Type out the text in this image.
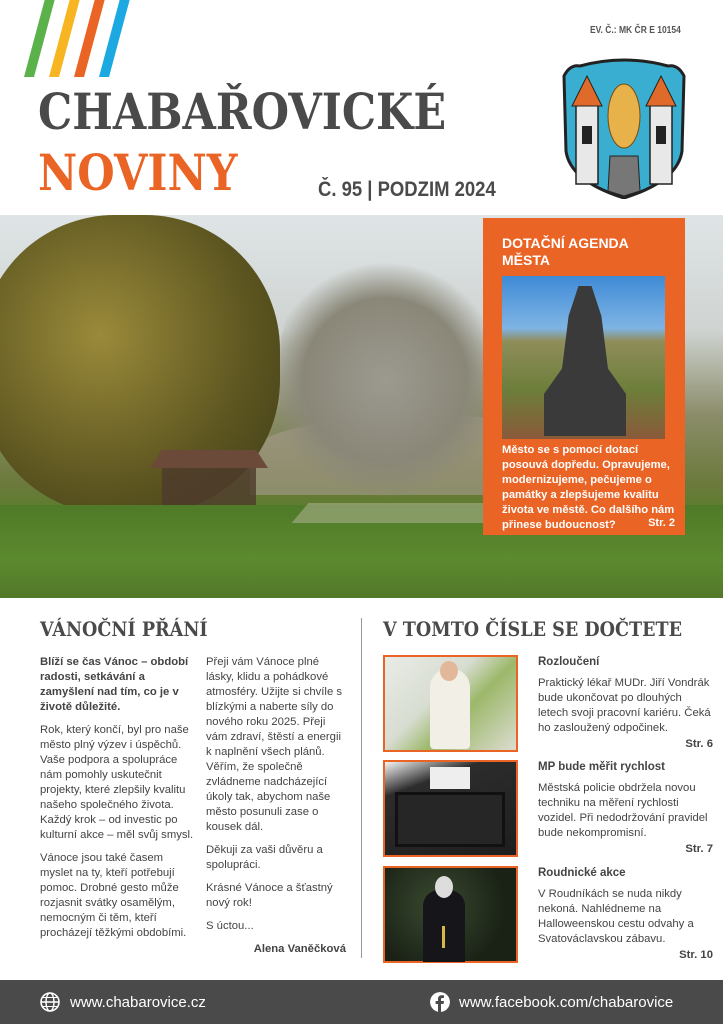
CHABAŘOVICKÉ
NOVINY	Č. 95 | PODZIM 2024
EV. Č.: MK ČR E 10154
DOTAČNÍ AGENDA MĚSTA

Město se s pomocí dotací posouvá dopředu. Opravujeme, modernizujeme, pečujeme o památky a zlepšujeme kvalitu života ve městě. Co dalšího nám přinese budoucnost?	Str. 2
VÁNOČNÍ PŘÁNÍ

Blíží se čas Vánoc – období radosti, setkávání a zamyšlení nad tím, co je v životě důležité.

Rok, který končí, byl pro naše město plný výzev i úspěchů. Vaše podpora a spolupráce nám pomohly uskutečnit projekty, které zlepšily kvalitu našeho společného života. Každý krok – od investic po kulturní akce – měl svůj smysl.

Vánoce jsou také časem myslet na ty, kteří potřebují pomoc. Drobné gesto může rozjasnit svátky osamělým, nemocným či těm, kteří procházejí těžkými obdobími.

Přeji vám Vánoce plné lásky, klidu a pohádkové atmosféry. Užijte si chvíle s blízkými a naberte síly do nového roku 2025. Přeji vám zdraví, štěstí a energii k naplnění všech plánů. Věřím, že společně zvládneme nadcházející úkoly tak, abychom naše město posunuli zase o kousek dál.

Děkuji za vaši důvěru a spolupráci.

Krásné Vánoce a šťastný nový rok!

S úctou...

Alena Vaněčková

V TOMTO ČÍSLE SE DOČTETE
Rozloučení
Praktický lékař MUDr. Jiří Vondrák bude ukončovat po dlouhých letech svoji pracovní kariéru. Čeká ho zasloužený odpočinek.
Str. 6
MP bude měřit rychlost
Městská policie obdržela novou techniku na měření rychlosti vozidel. Při nedodržování pravidel bude nekompromisní.
Str. 7
Roudnické akce
V Roudníkách se nuda nikdy nekoná. Nahlédneme na Halloweenskou cestu odvahy a Svatováclavskou zábavu.
Str. 10
www.chabarovice.cz	www.facebook.com/chabarovice
